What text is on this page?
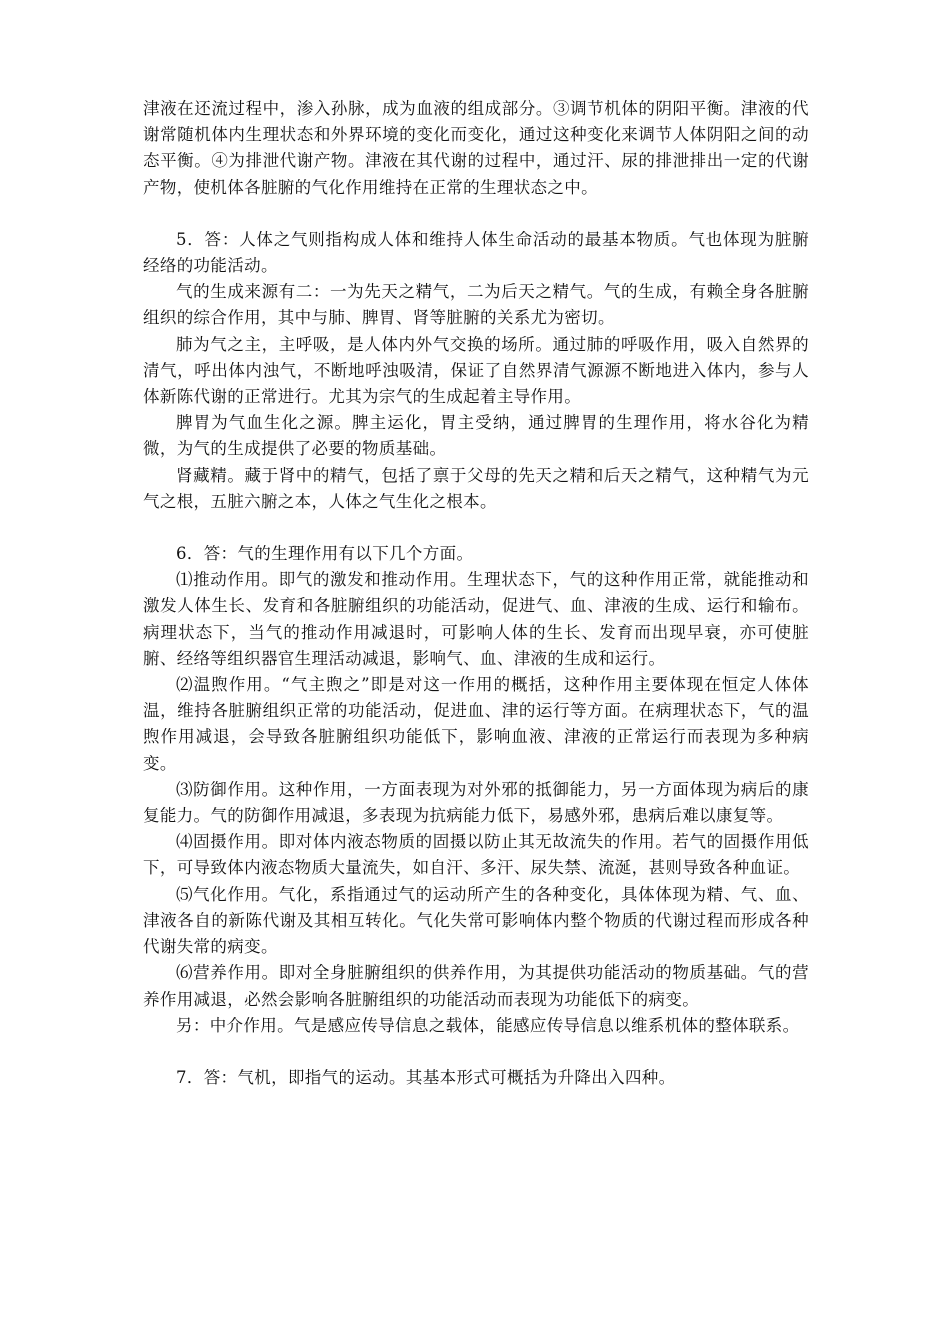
津液在还流过程中，渗入孙脉，成为血液的组成部分。③调节机体的阴阳平衡。津液的代谢常随机体内生理状态和外界环境的变化而变化，通过这种变化来调节人体阴阳之间的动态平衡。④为排泄代谢产物。津液在其代谢的过程中，通过汗、尿的排泄排出一定的代谢产物，使机体各脏腑的气化作用维持在正常的生理状态之中。

5．答：人体之气则指构成人体和维持人体生命活动的最基本物质。气也体现为脏腑经络的功能活动。

气的生成来源有二：一为先天之精气，二为后天之精气。气的生成，有赖全身各脏腑组织的综合作用，其中与肺、脾胃、肾等脏腑的关系尤为密切。

肺为气之主，主呼吸，是人体内外气交换的场所。通过肺的呼吸作用，吸入自然界的清气，呼出体内浊气，不断地呼浊吸清，保证了自然界清气源源不断地进入体内，参与人体新陈代谢的正常进行。尤其为宗气的生成起着主导作用。

脾胃为气血生化之源。脾主运化，胃主受纳，通过脾胃的生理作用，将水谷化为精微，为气的生成提供了必要的物质基础。

肾藏精。藏于肾中的精气，包括了禀于父母的先天之精和后天之精气，这种精气为元气之根，五脏六腑之本，人体之气生化之根本。

6．答：气的生理作用有以下几个方面。

⑴推动作用。即气的激发和推动作用。生理状态下，气的这种作用正常，就能推动和激发人体生长、发育和各脏腑组织的功能活动，促进气、血、津液的生成、运行和输布。病理状态下，当气的推动作用减退时，可影响人体的生长、发育而出现早衰，亦可使脏腑、经络等组织器官生理活动减退，影响气、血、津液的生成和运行。

⑵温煦作用。“气主煦之”即是对这一作用的概括，这种作用主要体现在恒定人体体温，维持各脏腑组织正常的功能活动，促进血、津的运行等方面。在病理状态下，气的温煦作用减退，会导致各脏腑组织功能低下，影响血液、津液的正常运行而表现为多种病变。

⑶防御作用。这种作用，一方面表现为对外邪的抵御能力，另一方面体现为病后的康复能力。气的防御作用减退，多表现为抗病能力低下，易感外邪，患病后难以康复等。

⑷固摄作用。即对体内液态物质的固摄以防止其无故流失的作用。若气的固摄作用低下，可导致体内液态物质大量流失，如自汗、多汗、尿失禁、流涎，甚则导致各种血证。

⑸气化作用。气化，系指通过气的运动所产生的各种变化，具体体现为精、气、血、津液各自的新陈代谢及其相互转化。气化失常可影响体内整个物质的代谢过程而形成各种代谢失常的病变。

⑹营养作用。即对全身脏腑组织的供养作用，为其提供功能活动的物质基础。气的营养作用减退，必然会影响各脏腑组织的功能活动而表现为功能低下的病变。

另：中介作用。气是感应传导信息之载体，能感应传导信息以维系机体的整体联系。

7．答：气机，即指气的运动。其基本形式可概括为升降出入四种。
